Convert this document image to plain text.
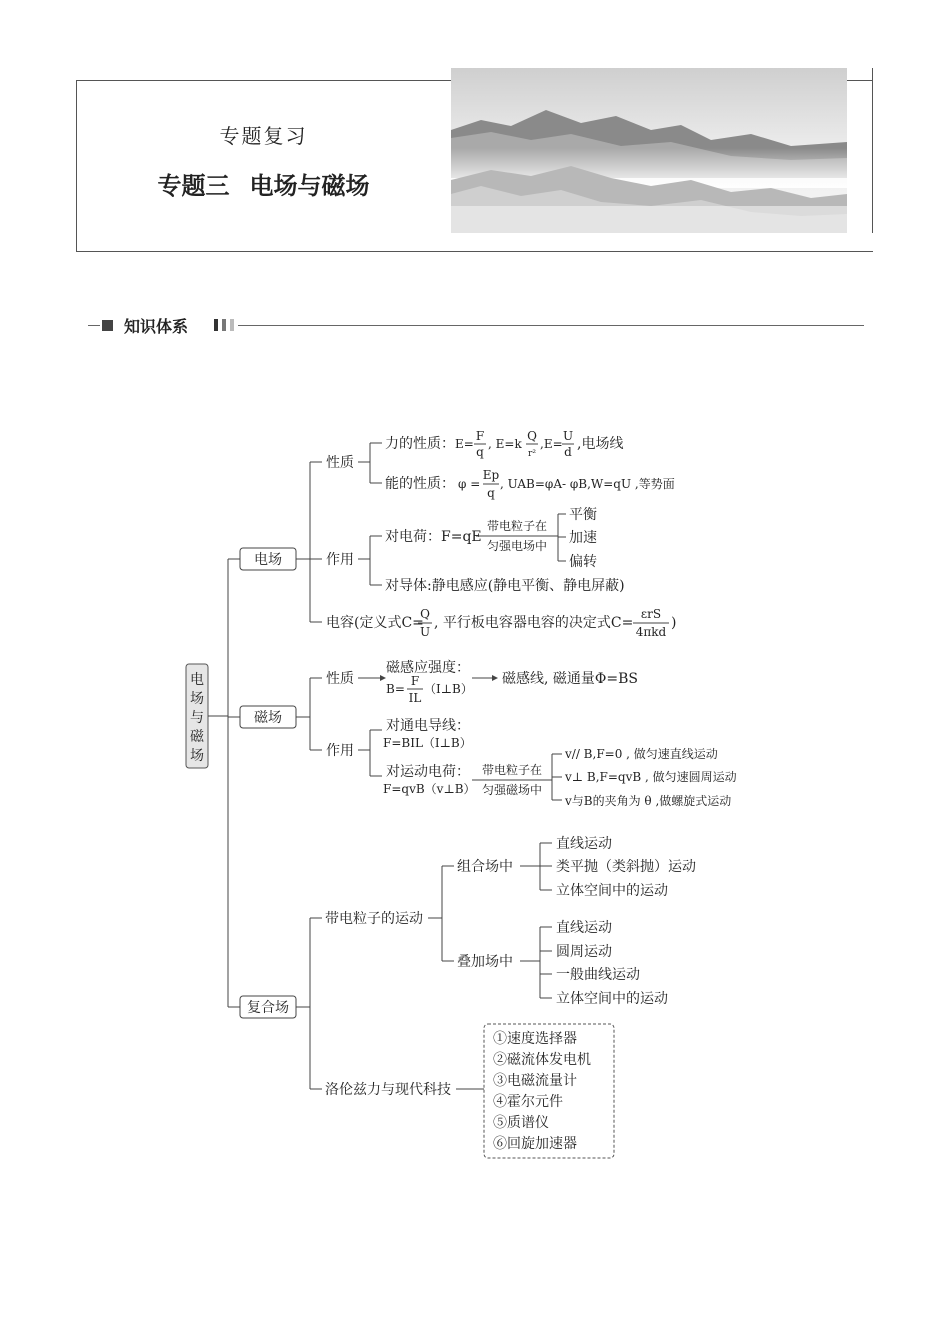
专题复习
专题三 电场与磁场
知识体系
电场与磁场
电场
磁场
复合场
性质
力的性质： E=
F
q
, E=k
Q
r²
,E=
U
d ,电场线
能的性质： φ =
Ep
q
, UAB=φA- φB,W=qU ,等势面
作用
对电荷：F=qE
带电粒子在
匀强电场中
平衡
加速
偏转
对导体:静电感应(静电平衡、静电屏蔽)
电容(定义式C=
Q
U
, 平行板电容器电容的决定式C=
εrS
4πkd
)
性质
磁感应强度：
B=
F
IL
（I⊥B）
磁感线, 磁通量Φ=BS
作用
对通电导线：
F=BIL（I⊥B）
对运动电荷：
F=qvB（v⊥B）
带电粒子在
匀强磁场中
v// B,F=0 , 做匀速直线运动
v⊥ B,F=qvB , 做匀速圆周运动
v与B的夹角为 θ ,做螺旋式运动
带电粒子的运动
组合场中
直线运动
类平抛（类斜抛）运动
立体空间中的运动
叠加场中
直线运动
圆周运动
一般曲线运动
立体空间中的运动
洛伦兹力与现代科技
①速度选择器
②磁流体发电机
③电磁流量计
④霍尔元件
⑤质谱仪
⑥回旋加速器
